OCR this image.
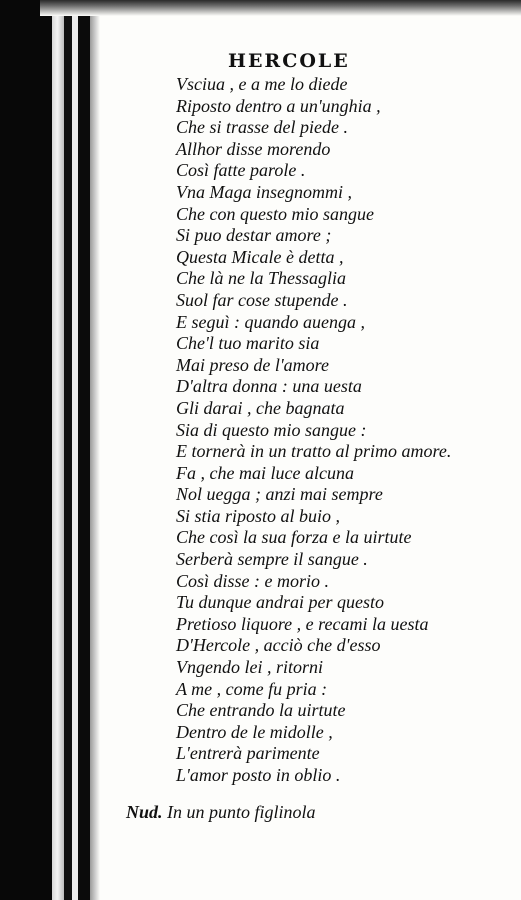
HERCOLE
Vsciua , e a me lo diede
Riposto dentro a un'unghia ,
Che si trasse del piede .
Allhor disse morendo
Così fatte parole .
Vna Maga insegnommi ,
Che con questo mio sangue
Si puo destar amore ;
Questa Micale è detta ,
Che là ne la Thessaglia
Suol far cose stupende .
E seguì : quando auenga ,
Che'l tuo marito sia
Mai preso de l'amore
D'altra donna : una uesta
Gli darai , che bagnata
Sia di questo mio sangue :
E tornerà in un tratto al primo amore.
Fa , che mai luce alcuna
Nol uegga ; anzi mai sempre
Si stia riposto al buio ,
Che così la sua forza e la uirtute
Serberà sempre il sangue .
Così disse : e morio .
Tu dunque andrai per questo
Pretioso liquore , e recami la uesta
D'Hercole , acciò che d'esso
Vngendo lei , ritorni
A me , come fu pria :
Che entrando la uirtute
Dentro de le midolle ,
L'entrerà parimente
L'amor posto in oblio .
Nud. In un punto figlinola
